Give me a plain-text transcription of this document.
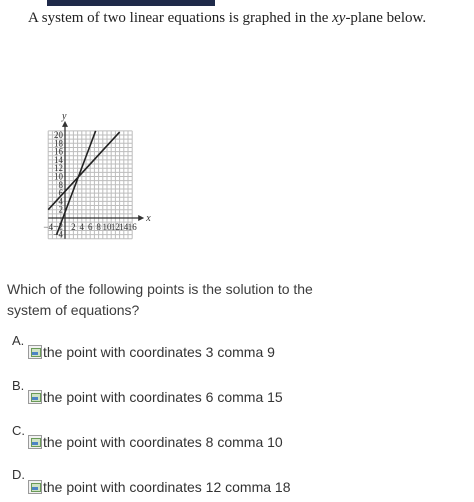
A system of two linear equations is graphed in the xy-plane below.
x
y
−4 2 4 6 8 10 12 14 16
−4
−2
2
4
6
8
10
12
14
16
18
20
Which of the following points is the solution to the system of equations?
A.
the point with coordinates 3 comma 9
B.
the point with coordinates 6 comma 15
C.
the point with coordinates 8 comma 10
D.
the point with coordinates 12 comma 18
